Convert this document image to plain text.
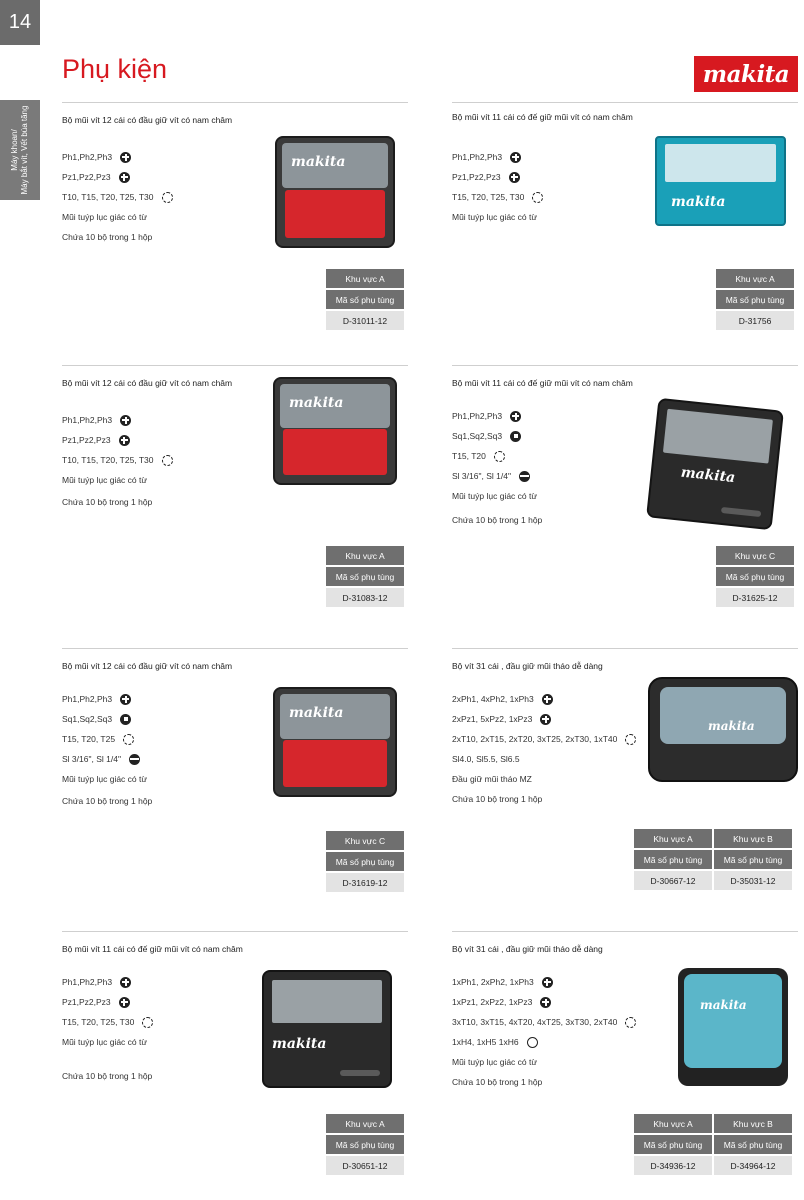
14
Máy khoan/ Máy bắt vít, Vết búa tăng
Phụ kiện	makita
Bộ mũi vít 12 cái có đầu giữ vít có nam châm
Ph1,Ph2,Ph3
Pz1,Pz2,Pz3
T10, T15, T20, T25, T30
Mũi tuýp lục giác có từ
Chứa 10 bộ trong 1 hộp
makita
Khu vực A
Mã số phụ tùng
D-31011-12
Bộ mũi vít 11 cái có đế giữ mũi vít có nam châm
Ph1,Ph2,Ph3
Pz1,Pz2,Pz3
T15, T20, T25, T30
Mũi tuýp lục giác có từ
makita
Khu vực A
Mã số phụ tùng
D-31756
Bộ mũi vít 12 cái có đầu giữ vít có nam châm
Ph1,Ph2,Ph3
Pz1,Pz2,Pz3
T10, T15, T20, T25, T30
Mũi tuýp lục giác có từ
Chứa 10 bộ trong 1 hộp
makita
Khu vực A
Mã số phụ tùng
D-31083-12
Bộ mũi vít 11 cái có đế giữ mũi vít có nam châm
Ph1,Ph2,Ph3
Sq1,Sq2,Sq3
T15, T20
Sl 3/16", Sl 1/4"
Mũi tuýp lục giác có từ
Chứa 10 bộ trong 1 hộp
makita
Khu vực C
Mã số phụ tùng
D-31625-12
Bộ mũi vít 12 cái có đầu giữ vít có nam châm
Ph1,Ph2,Ph3
Sq1,Sq2,Sq3
T15, T20, T25
Sl 3/16", Sl 1/4"
Mũi tuýp lục giác có từ
Chứa 10 bộ trong 1 hộp
makita
Khu vực C
Mã số phụ tùng
D-31619-12
Bộ vít 31 cái , đầu giữ mũi tháo dễ dàng
2xPh1, 4xPh2, 1xPh3
2xPz1, 5xPz2, 1xPz3
2xT10, 2xT15, 2xT20, 3xT25, 2xT30, 1xT40
Sl4.0, Sl5.5, Sl6.5
Đầu giữ mũi tháo MZ
Chứa 10 bộ trong 1 hộp
makita
Khu vực A
Mã số phụ tùng
D-30667-12
Khu vực B
Mã số phụ tùng
D-35031-12
Bộ mũi vít 11 cái có đế giữ mũi vít có nam châm
Ph1,Ph2,Ph3
Pz1,Pz2,Pz3
T15, T20, T25, T30
Mũi tuýp lục giác có từ
Chứa 10 bộ trong 1 hộp
makita
Khu vực A
Mã số phụ tùng
D-30651-12
Bộ vít 31 cái , đầu giữ mũi tháo dễ dàng
1xPh1, 2xPh2, 1xPh3
1xPz1, 2xPz2, 1xPz3
3xT10, 3xT15, 4xT20, 4xT25, 3xT30, 2xT40
1xH4, 1xH5 1xH6
Mũi tuýp lục giác có từ
Chứa 10 bộ trong 1 hộp
makita
Khu vực A
Mã số phụ tùng
D-34936-12
Khu vực B
Mã số phụ tùng
D-34964-12
